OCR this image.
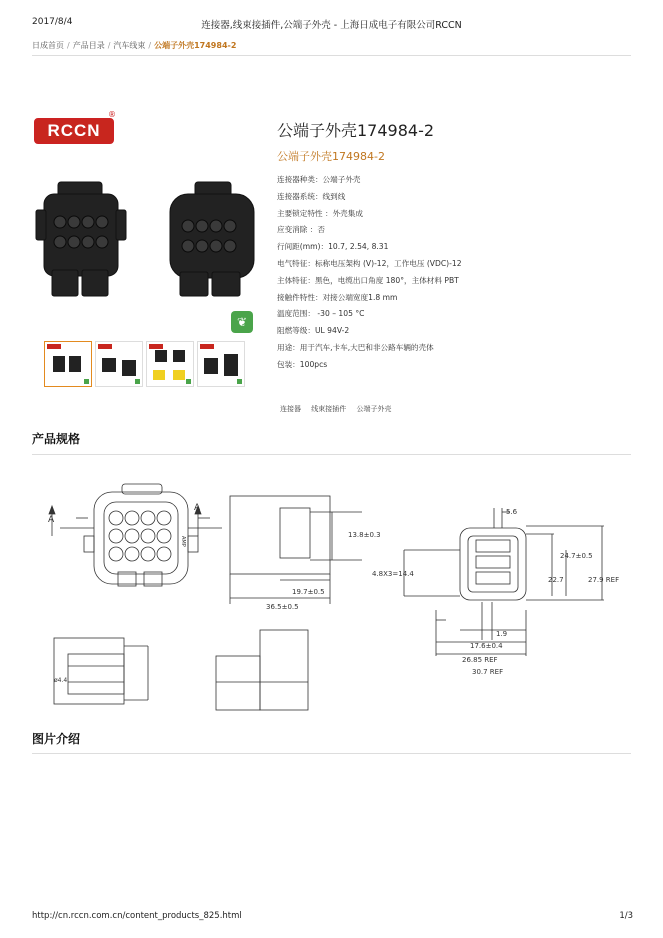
2017/8/4	连接器,线束接插件,公端子外壳 - 上海日成电子有限公司RCCN
日成首页 / 产品目录 / 汽车线束 / 公端子外壳174984-2
RCCN
®
❦
公端子外壳174984-2
公端子外壳174984-2
连接器种类：公端子外壳
连接器系统：线到线
主要锁定特性 ：外壳集成
应变消除 ：否
行间距(mm)：10.7, 2.54, 8.31
电气特征：标称电压架构 (V)-12，工作电压 (VDC)-12
主体特征：黑色，电缆出口角度 180°，主体材料 PBT
接触件特性：对接公端宽度1.8 mm
温度范围： -30 – 105 °C
阻燃等级：UL 94V-2
用途：用于汽车,卡车,大巴和非公路车辆的壳体
包装：100pcs
连接器 线束接插件 公端子外壳
产品规格
A
A
AMP
13.8±0.3
19.7±0.5
36.5±0.5
5.6
4.8X3=14.4
24.7±0.5
22.7	27.9 REF
1.9
17.6±0.4
26.85 REF
30.7 REF
ø4.4
图片介绍
http://cn.rccn.com.cn/content_products_825.html	1/3
